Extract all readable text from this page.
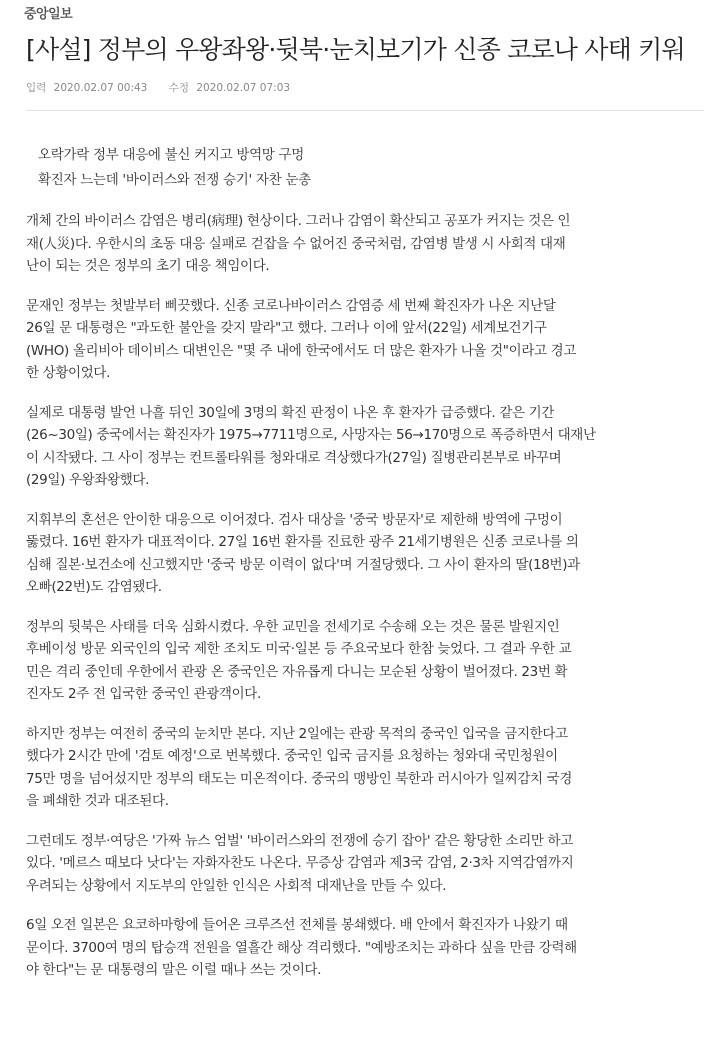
중앙일보
[사설] 정부의 우왕좌왕·뒷북·눈치보기가 신종 코로나 사태 키워
입력 2020.02.07 00:43 수정 2020.02.07 07:03
오락가락 정부 대응에 불신 커지고 방역망 구멍
확진자 느는데 '바이러스와 전쟁 승기' 자찬 눈총

개체 간의 바이러스 감염은 병리(病理) 현상이다. 그러나 감염이 확산되고 공포가 커지는 것은 인
재(人災)다. 우한시의 초동 대응 실패로 걷잡을 수 없어진 중국처럼, 감염병 발생 시 사회적 대재
난이 되는 것은 정부의 초기 대응 책임이다.

문재인 정부는 첫발부터 삐끗했다. 신종 코로나바이러스 감염증 세 번째 확진자가 나온 지난달
26일 문 대통령은 "과도한 불안을 갖지 말라"고 했다. 그러나 이에 앞서(22일) 세계보건기구
(WHO) 올리비아 데이비스 대변인은 "몇 주 내에 한국에서도 더 많은 환자가 나올 것"이라고 경고
한 상황이었다.

실제로 대통령 발언 나흘 뒤인 30일에 3명의 확진 판정이 나온 후 환자가 급증했다. 같은 기간
(26~30일) 중국에서는 확진자가 1975→7711명으로, 사망자는 56→170명으로 폭증하면서 대재난
이 시작됐다. 그 사이 정부는 컨트롤타워를 청와대로 격상했다가(27일) 질병관리본부로 바꾸며
(29일) 우왕좌왕했다.

지휘부의 혼선은 안이한 대응으로 이어졌다. 검사 대상을 '중국 방문자'로 제한해 방역에 구멍이
뚫렸다. 16번 환자가 대표적이다. 27일 16번 환자를 진료한 광주 21세기병원은 신종 코로나를 의
심해 질본·보건소에 신고했지만 '중국 방문 이력이 없다'며 거절당했다. 그 사이 환자의 딸(18번)과
오빠(22번)도 감염됐다.

정부의 뒷북은 사태를 더욱 심화시켰다. 우한 교민을 전세기로 수송해 오는 것은 물론 발원지인
후베이성 방문 외국인의 입국 제한 조치도 미국·일본 등 주요국보다 한참 늦었다. 그 결과 우한 교
민은 격리 중인데 우한에서 관광 온 중국인은 자유롭게 다니는 모순된 상황이 벌어졌다. 23번 확
진자도 2주 전 입국한 중국인 관광객이다.

하지만 정부는 여전히 중국의 눈치만 본다. 지난 2일에는 관광 목적의 중국인 입국을 금지한다고
했다가 2시간 만에 '검토 예정'으로 번복했다. 중국인 입국 금지를 요청하는 청와대 국민청원이
75만 명을 넘어섰지만 정부의 태도는 미온적이다. 중국의 맹방인 북한과 러시아가 일찌감치 국경
을 폐쇄한 것과 대조된다.

그런데도 정부·여당은 '가짜 뉴스 엄벌' '바이러스와의 전쟁에 승기 잡아' 같은 황당한 소리만 하고
있다. '메르스 때보다 낫다'는 자화자찬도 나온다. 무증상 감염과 제3국 감염, 2·3차 지역감염까지
우려되는 상황에서 지도부의 안일한 인식은 사회적 대재난을 만들 수 있다.

6일 오전 일본은 요코하마항에 들어온 크루즈선 전체를 봉쇄했다. 배 안에서 확진자가 나왔기 때
문이다. 3700여 명의 탑승객 전원을 열흘간 해상 격리했다. "예방조치는 과하다 싶을 만큼 강력해
야 한다"는 문 대통령의 말은 이럴 때나 쓰는 것이다.
